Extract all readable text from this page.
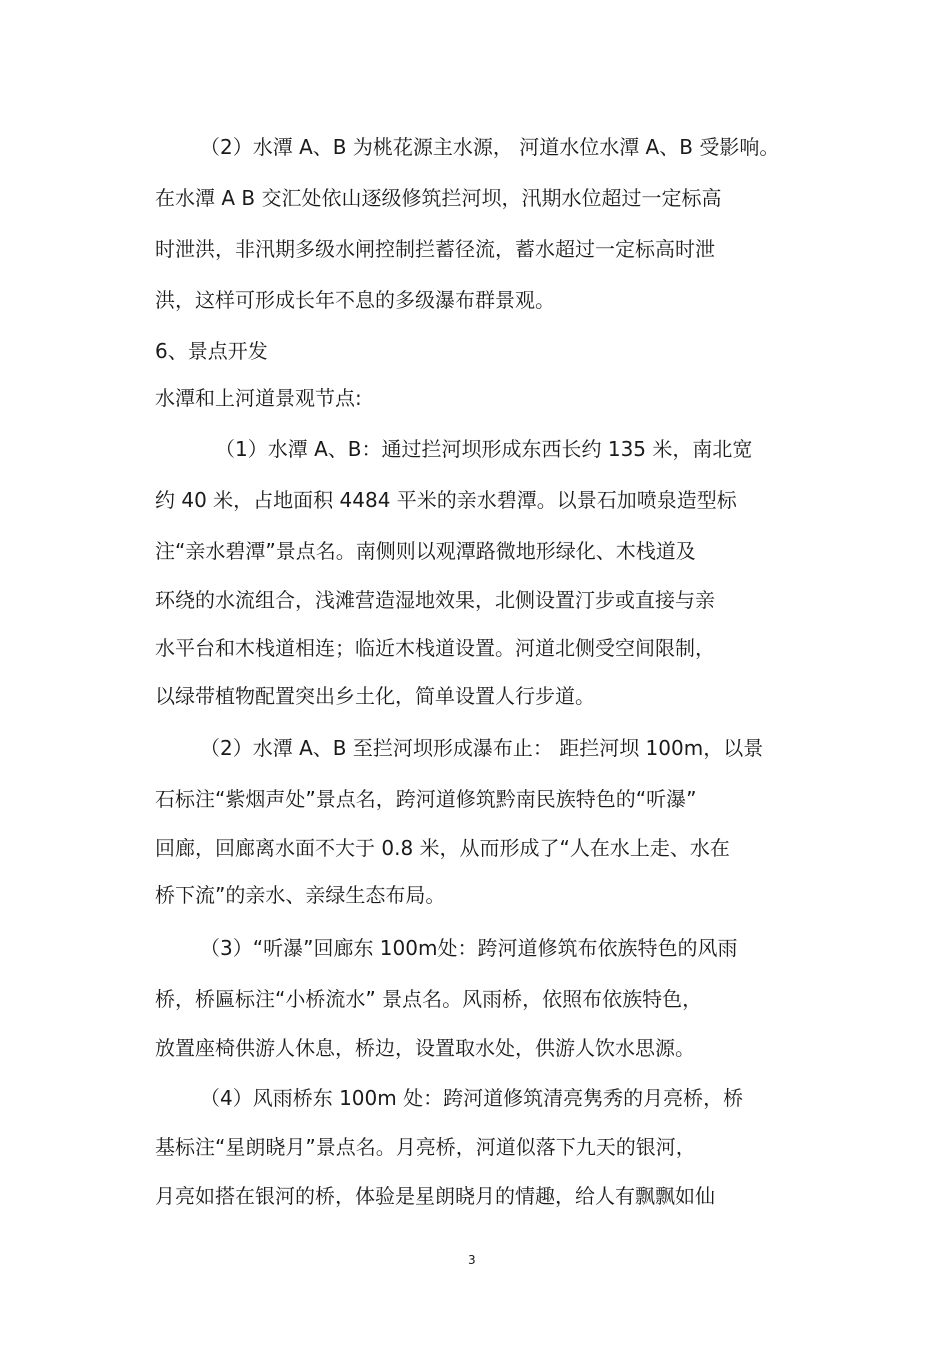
（2）水潭 A、B 为桃花源主水源， 河道水位水潭 A、B 受影响。
在水潭 A B 交汇处依山逐级修筑拦河坝，汛期水位超过一定标高
时泄洪，非汛期多级水闸控制拦蓄径流，蓄水超过一定标高时泄
洪，这样可形成长年不息的多级瀑布群景观。
6、景点开发
水潭和上河道景观节点:
（1）水潭 A、B：通过拦河坝形成东西长约 135 米，南北宽
约 40 米，占地面积 4484 平米的亲水碧潭。以景石加喷泉造型标
注“亲水碧潭”景点名。南侧则以观潭路微地形绿化、木栈道及
环绕的水流组合，浅滩营造湿地效果，北侧设置汀步或直接与亲
水平台和木栈道相连；临近木栈道设置。河道北侧受空间限制，
以绿带植物配置突出乡土化，简单设置人行步道。
（2）水潭 A、B 至拦河坝形成瀑布止： 距拦河坝 100m，以景
石标注“紫烟声处”景点名，跨河道修筑黔南民族特色的“听瀑”
回廊，回廊离水面不大于 0.8 米，从而形成了“人在水上走、水在
桥下流”的亲水、亲绿生态布局。
（3）“听瀑”回廊东 100m处：跨河道修筑布依族特色的风雨
桥，桥匾标注“小桥流水” 景点名。风雨桥，依照布依族特色，
放置座椅供游人休息，桥边，设置取水处，供游人饮水思源。
（4）风雨桥东 100m 处：跨河道修筑清亮隽秀的月亮桥，桥
基标注“星朗晓月”景点名。月亮桥，河道似落下九天的银河，
月亮如搭在银河的桥，体验是星朗晓月的情趣，给人有飘飘如仙
3
